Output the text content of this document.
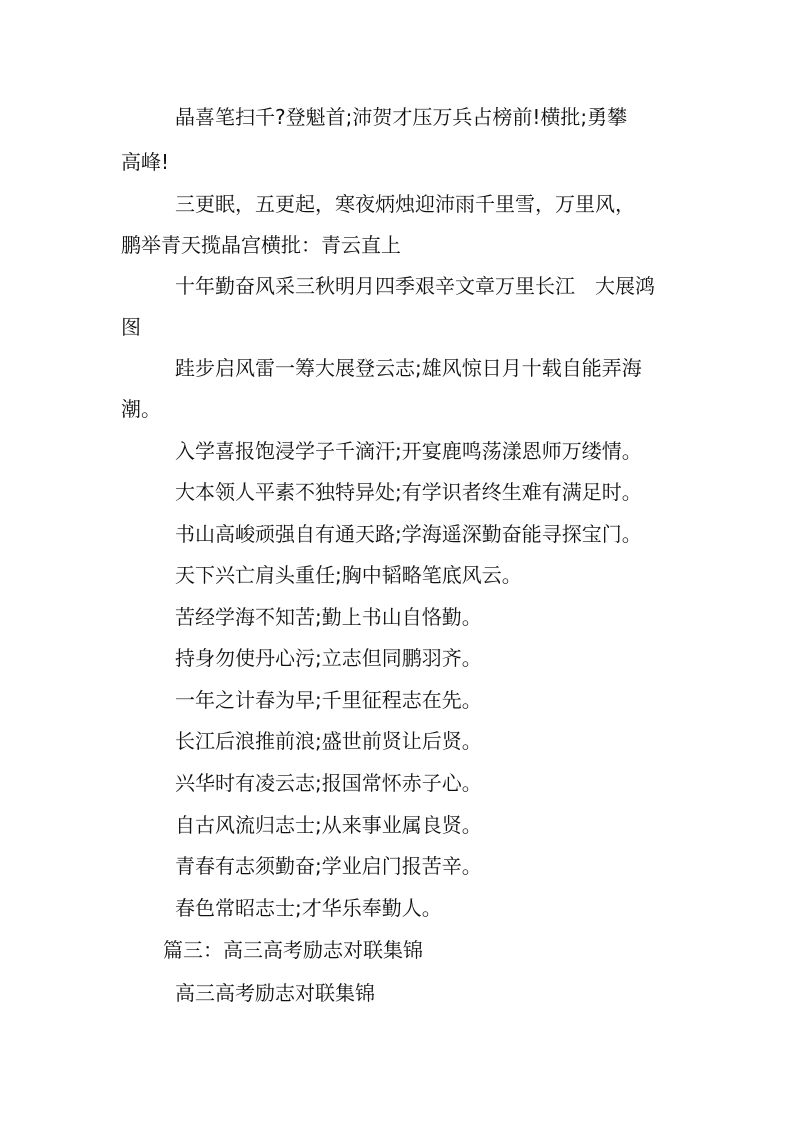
晶喜笔扫千?登魁首;沛贺才压万兵占榜前!横批;勇攀
高峰!
三更眠，五更起，寒夜炳烛迎沛雨千里雪，万里风，
鹏举青天揽晶宫横批：青云直上
十年勤奋风采三秋明月四季艰辛文章万里长江　大展鸿
图
跬步启风雷一筹大展登云志;雄风惊日月十载自能弄海
潮。
入学喜报饱浸学子千滴汗;开宴鹿鸣荡漾恩师万缕情。
大本领人平素不独特异处;有学识者终生难有满足时。
书山高峻顽强自有通天路;学海遥深勤奋能寻探宝门。
天下兴亡肩头重任;胸中韬略笔底风云。
苦经学海不知苦;勤上书山自恪勤。
持身勿使丹心污;立志但同鹏羽齐。
一年之计春为早;千里征程志在先。
长江后浪推前浪;盛世前贤让后贤。
兴华时有凌云志;报国常怀赤子心。
自古风流归志士;从来事业属良贤。
青春有志须勤奋;学业启门报苦辛。
春色常昭志士;才华乐奉勤人。
篇三：高三高考励志对联集锦
高三高考励志对联集锦
